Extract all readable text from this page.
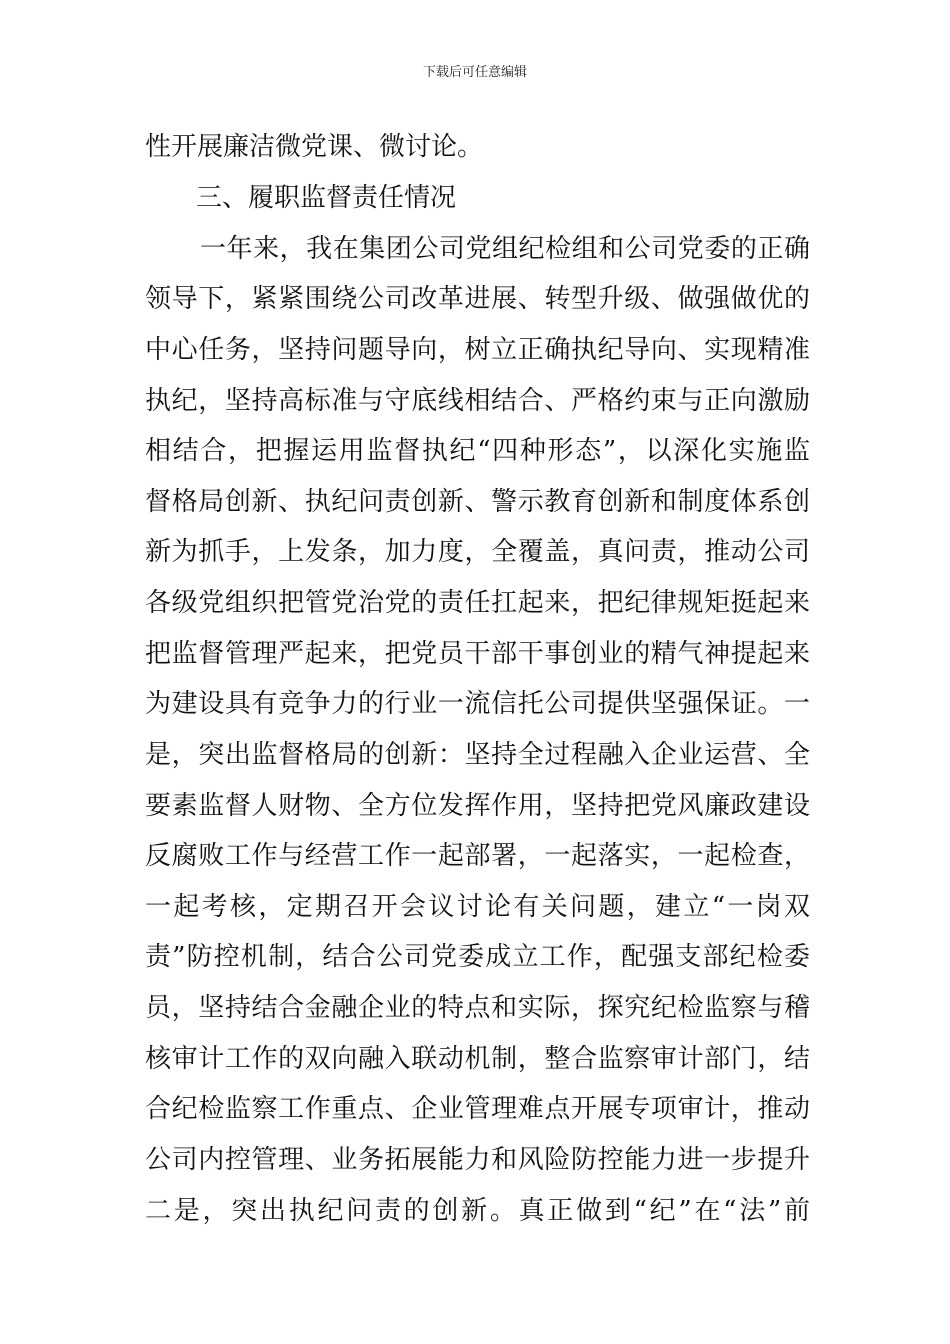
下载后可任意编辑
性开展廉洁微党课、微讨论。
三、履职监督责任情况
一年来，我在集团公司党组纪检组和公司党委的正确
领导下，紧紧围绕公司改革进展、转型升级、做强做优的
中心任务，坚持问题导向，树立正确执纪导向、实现精准
执纪，坚持高标准与守底线相结合、严格约束与正向激励
相结合，把握运用监督执纪“四种形态”，以深化实施监
督格局创新、执纪问责创新、警示教育创新和制度体系创
新为抓手，上发条，加力度，全覆盖，真问责，推动公司
各级党组织把管党治党的责任扛起来，把纪律规矩挺起来
把监督管理严起来，把党员干部干事创业的精气神提起来
为建设具有竞争力的行业一流信托公司提供坚强保证。一
是，突出监督格局的创新：坚持全过程融入企业运营、全
要素监督人财物、全方位发挥作用，坚持把党风廉政建设
反腐败工作与经营工作一起部署，一起落实，一起检查，
一起考核，定期召开会议讨论有关问题，建立“一岗双
责”防控机制，结合公司党委成立工作，配强支部纪检委
员，坚持结合金融企业的特点和实际，探究纪检监察与稽
核审计工作的双向融入联动机制，整合监察审计部门，结
合纪检监察工作重点、企业管理难点开展专项审计，推动
公司内控管理、业务拓展能力和风险防控能力进一步提升
二是，突出执纪问责的创新。真正做到“纪”在“法”前
